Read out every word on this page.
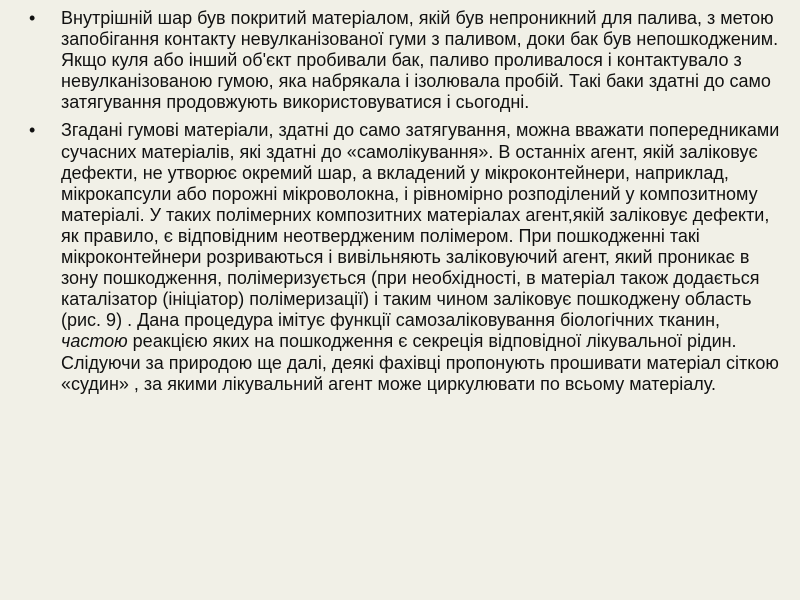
• Внутрішній шар був покритий матеріалом, якій був непроникний для палива, з метою запобігання контакту невулканізованої гуми з паливом, доки бак був непошкодженим. Якщо куля або інший об'єкт пробивали бак, паливо проливалося і контактувало з невулканізованою гумою, яка набрякала і ізолювала пробій. Такі баки здатні до само затягування продовжують використовуватися і сьогодні.
• Згадані гумові матеріали, здатні до само затягування, можна вважати попередниками сучасних матеріалів, які здатні до «самолікування». В останніх агент, якій заліковує дефекти, не утворює окремий шар, а вкладений у мікроконтейнери, наприклад, мікрокапсули або порожні мікроволокна, і рівномірно розподілений у композитному матеріалі. У таких полімерних композитних матеріалах агент,якій заліковує дефекти, як правило, є відповідним неотвердженим полімером. При пошкодженні такі мікроконтейнери розриваються і вивільняють заліковуючий агент, який проникає в зону пошкодження, полімеризується (при необхідності, в матеріал також додається каталізатор (ініціатор) полімеризації) і таким чином заліковує пошкоджену область (рис. 9) . Дана процедура імітує функції самозаліковування біологічних тканин, частою реакцією яких на пошкодження є секреція відповідної лікувальної рідин. Слідуючи за природою ще далі, деякі фахівці пропонують прошивати матеріал сіткою «судин» , за якими лікувальний агент може циркулювати по всьому матеріалу.
